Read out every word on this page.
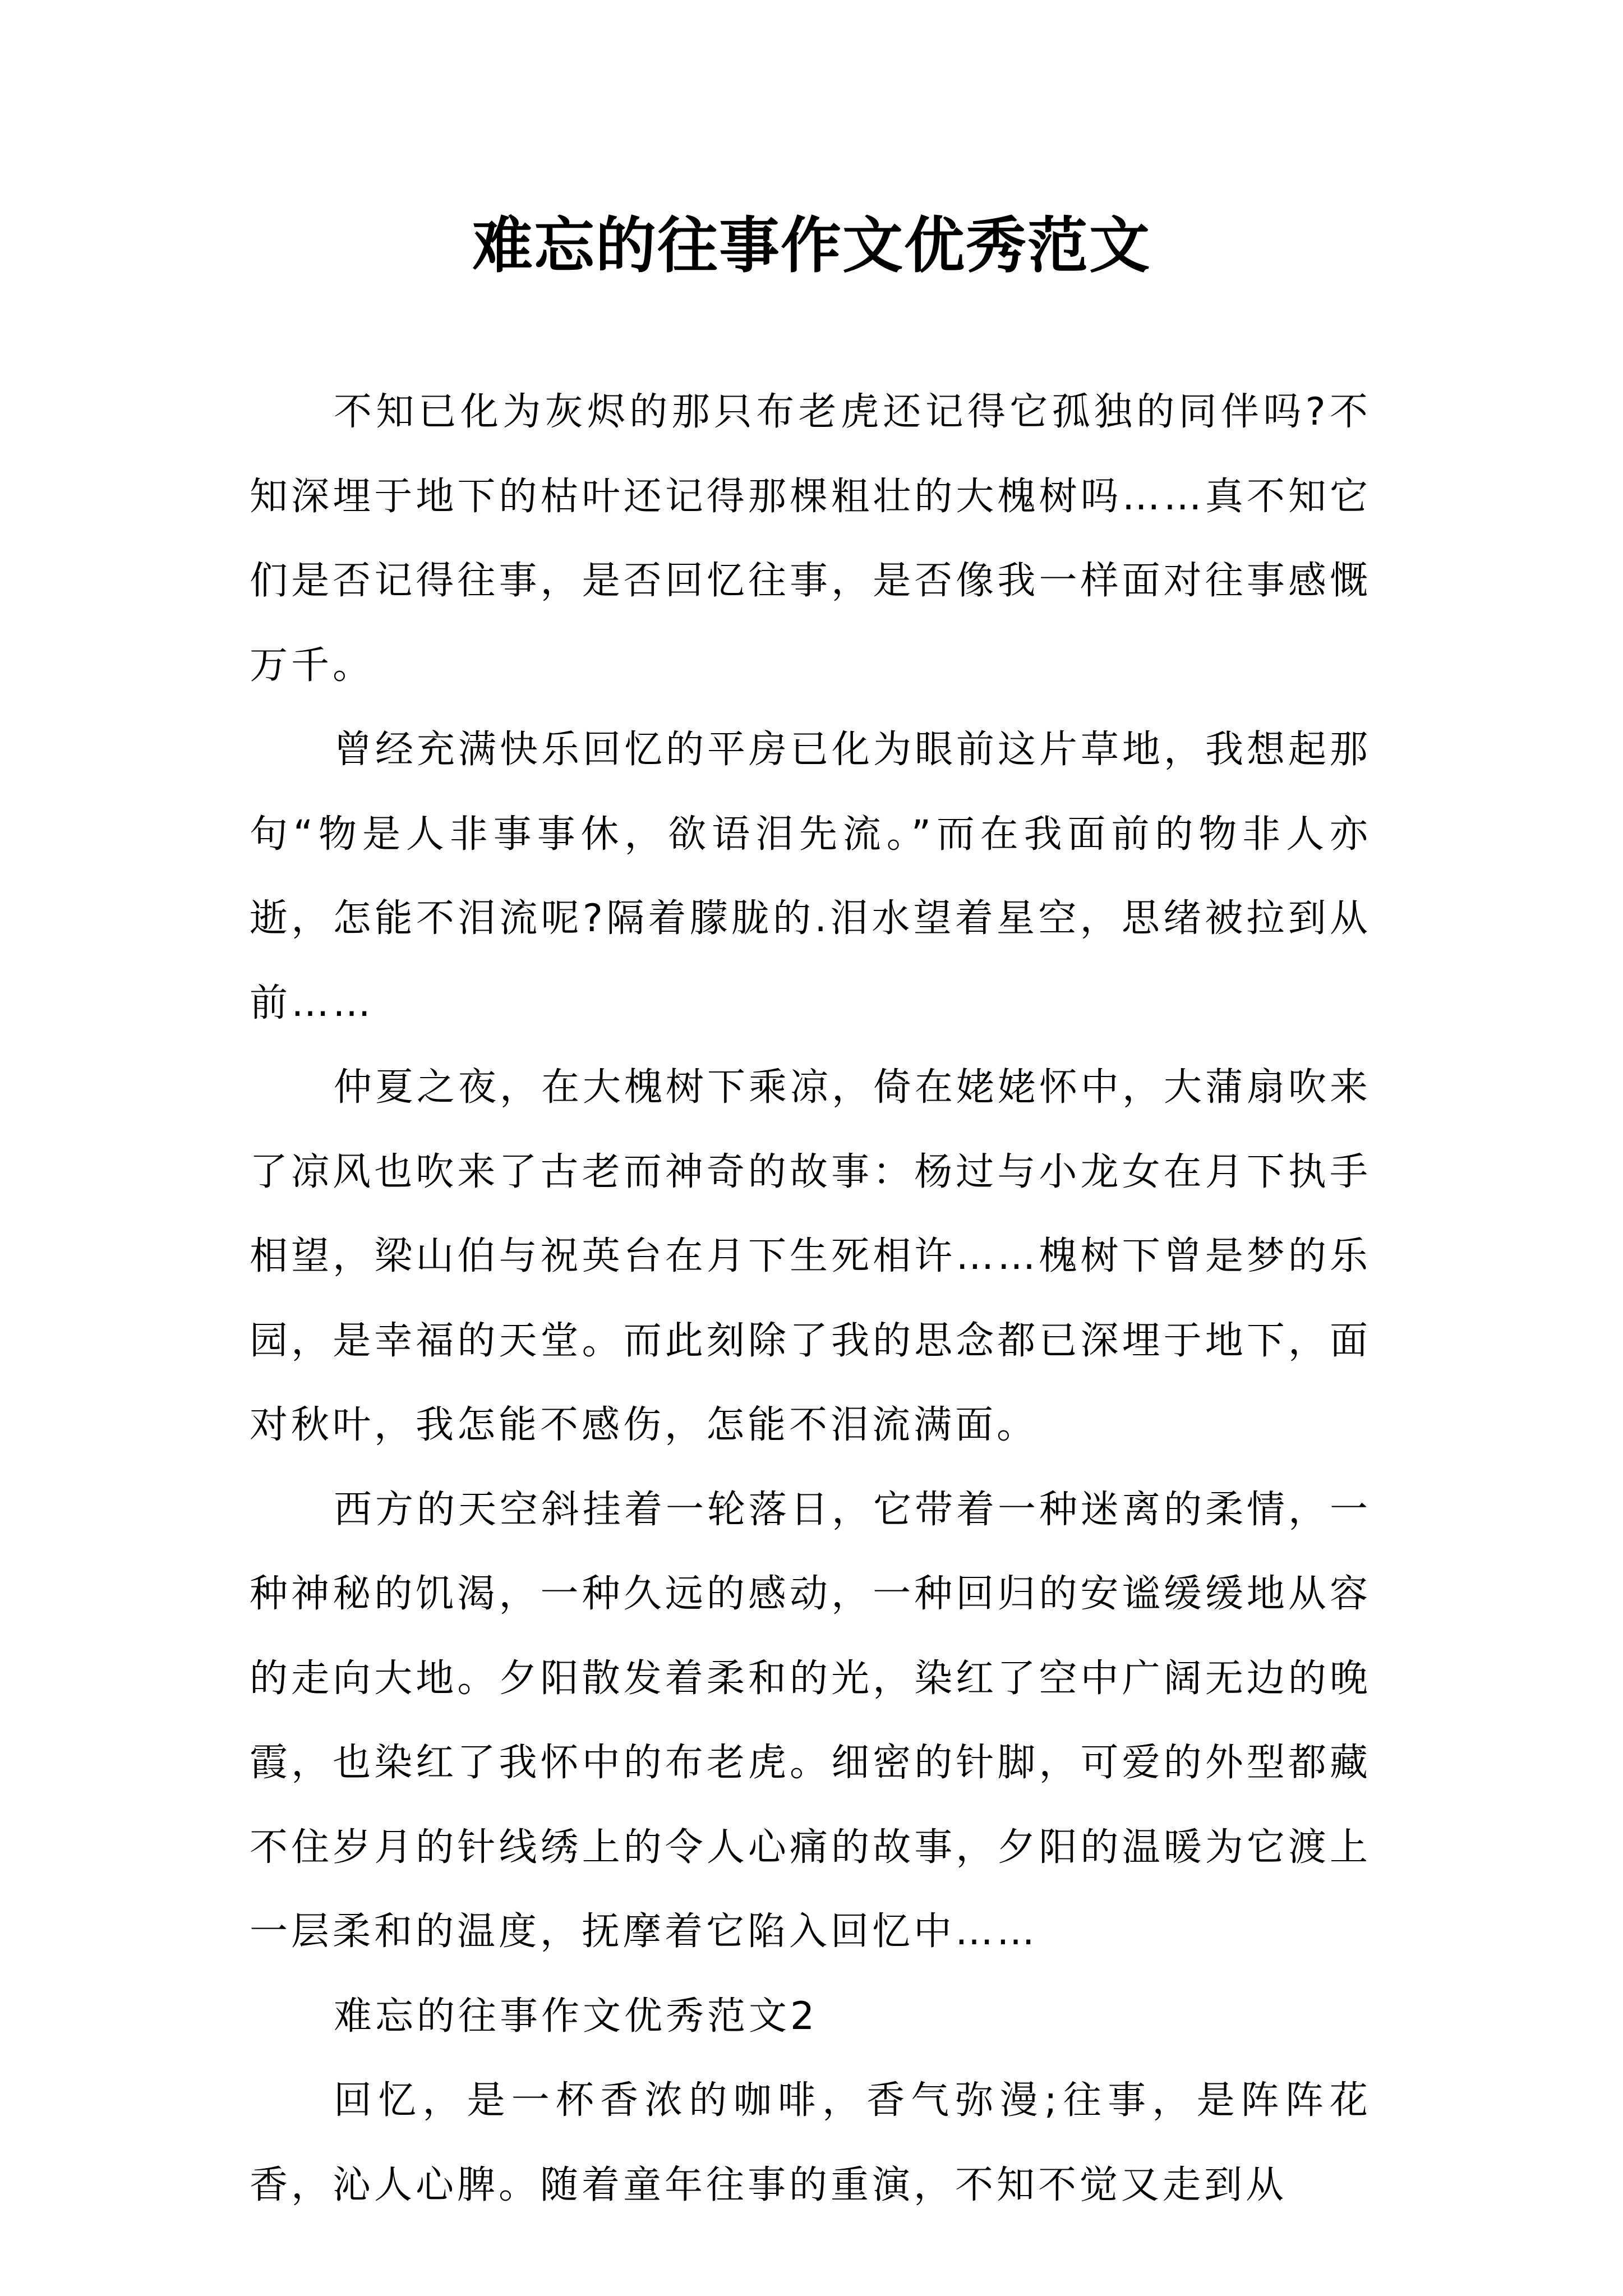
难忘的往事作文优秀范文

不知已化为灰烬的那只布老虎还记得它孤独的同伴吗?不知深埋于地下的枯叶还记得那棵粗壮的大槐树吗……真不知它们是否记得往事，是否回忆往事，是否像我一样面对往事感慨万千。

曾经充满快乐回忆的平房已化为眼前这片草地，我想起那句“物是人非事事休，欲语泪先流。”而在我面前的物非人亦逝，怎能不泪流呢?隔着朦胧的.泪水望着星空，思绪被拉到从前……

仲夏之夜，在大槐树下乘凉，倚在姥姥怀中，大蒲扇吹来了凉风也吹来了古老而神奇的故事：杨过与小龙女在月下执手相望，梁山伯与祝英台在月下生死相许……槐树下曾是梦的乐园，是幸福的天堂。而此刻除了我的思念都已深埋于地下，面对秋叶，我怎能不感伤，怎能不泪流满面。

西方的天空斜挂着一轮落日，它带着一种迷离的柔情，一种神秘的饥渴，一种久远的感动，一种回归的安谧缓缓地从容的走向大地。夕阳散发着柔和的光，染红了空中广阔无边的晚霞，也染红了我怀中的布老虎。细密的针脚，可爱的外型都藏不住岁月的针线绣上的令人心痛的故事，夕阳的温暖为它渡上一层柔和的温度，抚摩着它陷入回忆中……

难忘的往事作文优秀范文2

回忆，是一杯香浓的咖啡，香气弥漫;往事，是阵阵花香，沁人心脾。随着童年往事的重演，不知不觉又走到从
